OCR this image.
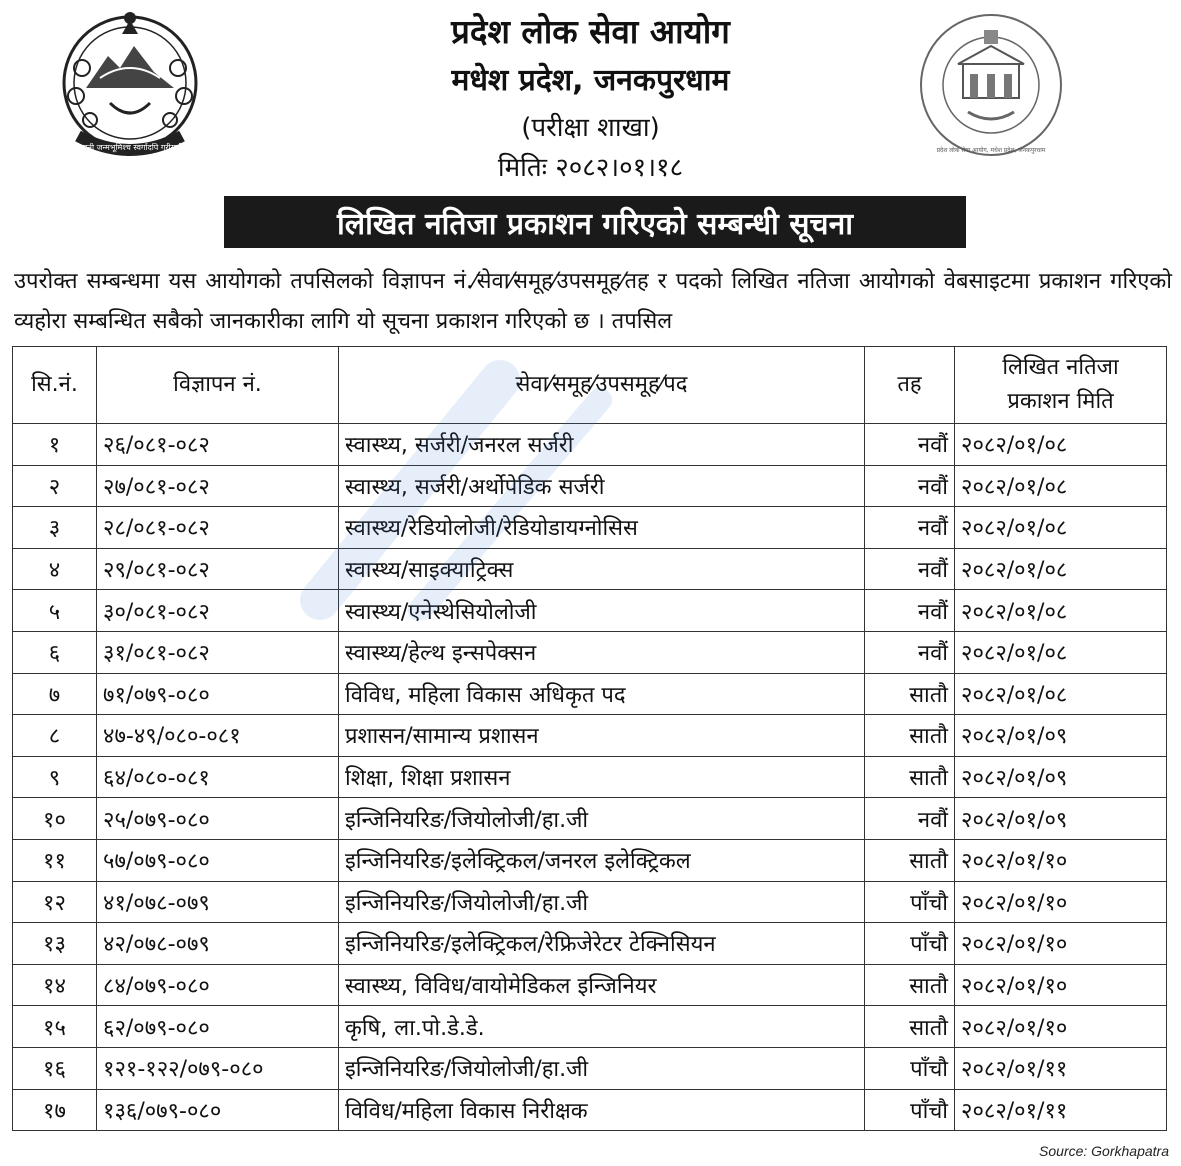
जननी जन्मभूमिश्च स्वर्गादपि गरीयसी	प्रदेश लोक सेवा आयोग, मधेश प्रदेश, जनकपुरधाम
प्रदेश लोक सेवा आयोग
मधेश प्रदेश, जनकपुरधाम
(परीक्षा शाखा)
मितिः २०८२।०१।१८
लिखित नतिजा प्रकाशन गरिएको सम्बन्धी सूचना
उपरोक्त सम्बन्धमा यस आयोगको तपसिलको विज्ञापन नं.⁄सेवा⁄समूह⁄उपसमूह⁄तह र पदको लिखित नतिजा आयोगको वेबसाइटमा प्रकाशन गरिएको व्यहोरा सम्बन्धित सबैको जानकारीका लागि यो सूचना प्रकाशन गरिएको छ । तपसिल
सि.नं.	विज्ञापन नं.	सेवा⁄समूह⁄उपसमूह⁄पद	तह	लिखित नतिजा
प्रकाशन मिति

१	२६/०८१-०८२	स्वास्थ्य, सर्जरी/जनरल सर्जरी	नवौं	२०८२/०१/०८
२	२७/०८१-०८२	स्वास्थ्य, सर्जरी/अर्थोपेडिक सर्जरी	नवौं	२०८२/०१/०८
३	२८/०८१-०८२	स्वास्थ्य/रेडियोलोजी/रेडियोडायग्नोसिस	नवौं	२०८२/०१/०८
४	२९/०८१-०८२	स्वास्थ्य/साइक्याट्रिक्स	नवौं	२०८२/०१/०८
५	३०/०८१-०८२	स्वास्थ्य/एनेस्थेसियोलोजी	नवौं	२०८२/०१/०८
६	३१/०८१-०८२	स्वास्थ्य/हेल्थ इन्सपेक्सन	नवौं	२०८२/०१/०८
७	७१/०७९-०८०	विविध, महिला विकास अधिकृत पद	सातौ	२०८२/०१/०८
८	४७-४९/०८०-०८१	प्रशासन/सामान्य प्रशासन	सातौ	२०८२/०१/०९
९	६४/०८०-०८१	शिक्षा, शिक्षा प्रशासन	सातौ	२०८२/०१/०९
१०	२५/०७९-०८०	इन्जिनियरिङ/जियोलोजी/हा.जी	नवौं	२०८२/०१/०९
११	५७/०७९-०८०	इन्जिनियरिङ/इलेक्ट्रिकल/जनरल इलेक्ट्रिकल	सातौ	२०८२/०१/१०
१२	४१/०७८-०७९	इन्जिनियरिङ/जियोलोजी/हा.जी	पाँचौ	२०८२/०१/१०
१३	४२/०७८-०७९	इन्जिनियरिङ/इलेक्ट्रिकल/रेफ्रिजेरेटर टेक्निसियन	पाँचौ	२०८२/०१/१०
१४	८४/०७९-०८०	स्वास्थ्य, विविध/वायोमेडिकल इन्जिनियर	सातौ	२०८२/०१/१०
१५	६२/०७९-०८०	कृषि, ला.पो.डे.डे.	सातौ	२०८२/०१/१०
१६	१२१-१२२/०७९-०८०	इन्जिनियरिङ/जियोलोजी/हा.जी	पाँचौ	२०८२/०१/११
१७	१३६/०७९-०८०	विविध/महिला विकास निरीक्षक	पाँचौ	२०८२/०१/११
Source: Gorkhapatra
